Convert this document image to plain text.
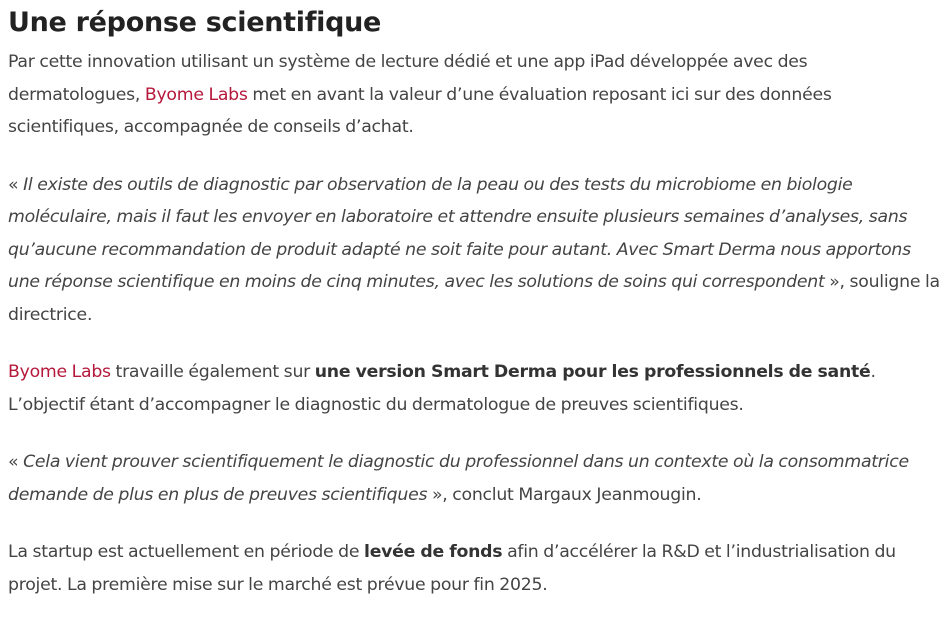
Une réponse scientifique

Par cette innovation utilisant un système de lecture dédié et une app iPad développée avec des dermatologues, Byome Labs met en avant la valeur d’une évaluation reposant ici sur des données scientifiques, accompagnée de conseils d’achat.

« Il existe des outils de diagnostic par observation de la peau ou des tests du microbiome en biologie moléculaire, mais il faut les envoyer en laboratoire et attendre ensuite plusieurs semaines d’analyses, sans qu’aucune recommandation de produit adapté ne soit faite pour autant. Avec Smart Derma nous apportons une réponse scientifique en moins de cinq minutes, avec les solutions de soins qui correspondent », souligne la directrice.

Byome Labs travaille également sur une version Smart Derma pour les professionnels de santé. L’objectif étant d’accompagner le diagnostic du dermatologue de preuves scientifiques.

« Cela vient prouver scientifiquement le diagnostic du professionnel dans un contexte où la consommatrice demande de plus en plus de preuves scientifiques », conclut Margaux Jeanmougin.

La startup est actuellement en période de levée de fonds afin d’accélérer la R&D et l’industrialisation du projet. La première mise sur le marché est prévue pour fin 2025.
